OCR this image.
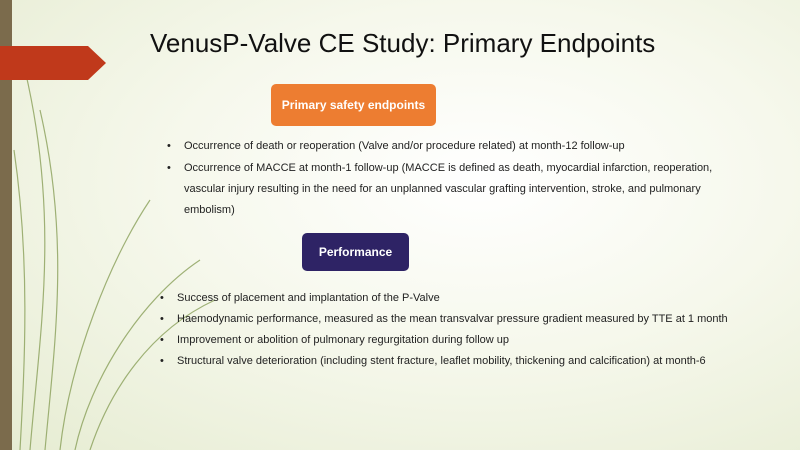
VenusP-Valve CE Study: Primary Endpoints
Primary safety endpoints
• Occurrence of death or reoperation (Valve and/or procedure related) at month-12 follow-up
• Occurrence of MACCE at month-1 follow-up (MACCE is defined as death, myocardial infarction, reoperation, vascular injury resulting in the need for an unplanned vascular grafting intervention, stroke, and pulmonary embolism)
Performance
• Success of placement and implantation of the P-Valve
• Haemodynamic performance, measured as the mean transvalvar pressure gradient measured by TTE at 1 month
• Improvement or abolition of pulmonary regurgitation during follow up
• Structural valve deterioration (including stent fracture, leaflet mobility, thickening and calcification) at month-6
